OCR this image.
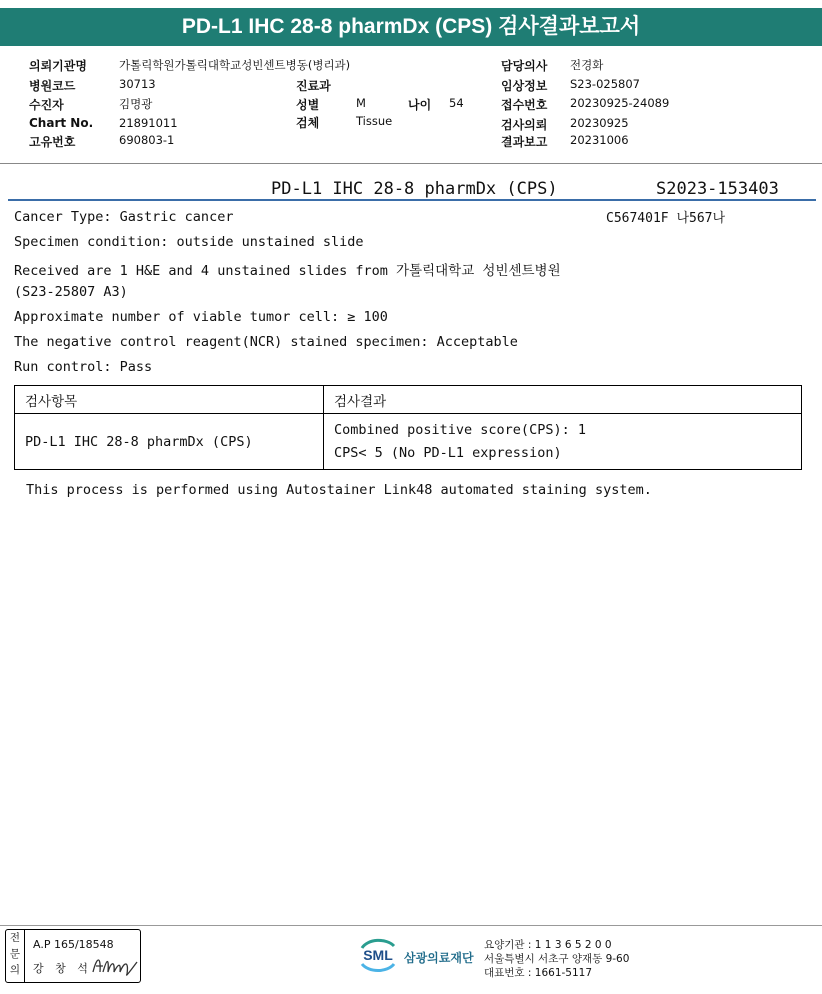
PD-L1 IHC 28-8 pharmDx (CPS) 검사결과보고서
의뢰기관명	가톨릭학원가톨릭대학교성빈센트병동(병리과)
병원코드	30713
수진자	김명광
Chart No. 21891011
고유번호	690803-1
진료과
성별	M	나이 54
검체	Tissue
담당의사 전경화
임상정보 S23-025807
접수번호 20230925-24089
검사의뢰 20230925
결과보고 20231006
PD-L1 IHC 28-8 pharmDx (CPS)	S2023-153403
C567401F 나567나
Cancer Type: Gastric cancer
Specimen condition: outside unstained slide
Received are 1 H&E and 4 unstained slides from 가톨릭대학교 성빈센트병원
(S23-25807 A3)
Approximate number of viable tumor cell: ≥ 100
The negative control reagent(NCR) stained specimen: Acceptable
Run control: Pass
검사항목	검사결과
PD-L1 IHC 28-8 pharmDx (CPS)	Combined positive score(CPS): 1
CPS< 5 (No PD-L1 expression)
This process is performed using Autostainer Link48 automated staining system.
전
문
의
A.P 165/18548
강 창 석
SML 삼광의료재단
요양기관 : 1 1 3 6 5 2 0 0
서울특별시 서초구 양재동 9-60
대표번호 : 1661-5117
